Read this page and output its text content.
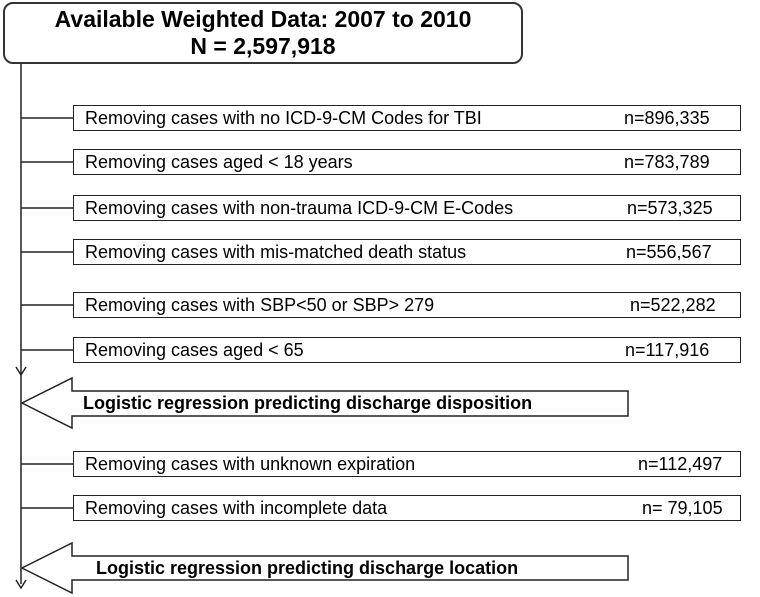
Available Weighted Data: 2007 to 2010
N = 2,597,918
Removing cases with no ICD-9-CM Codes for TBI	n=896,335
Removing cases aged < 18 years	n=783,789
Removing cases with non-trauma ICD-9-CM E-Codes	n=573,325
Removing cases with mis-matched death status	n=556,567
Removing cases with SBP<50 or SBP> 279	n=522,282
Removing cases aged < 65	n=117,916
Logistic regression predicting discharge disposition
Removing cases with unknown expiration	n=112,497
Removing cases with incomplete data	n= 79,105
Logistic regression predicting discharge location
